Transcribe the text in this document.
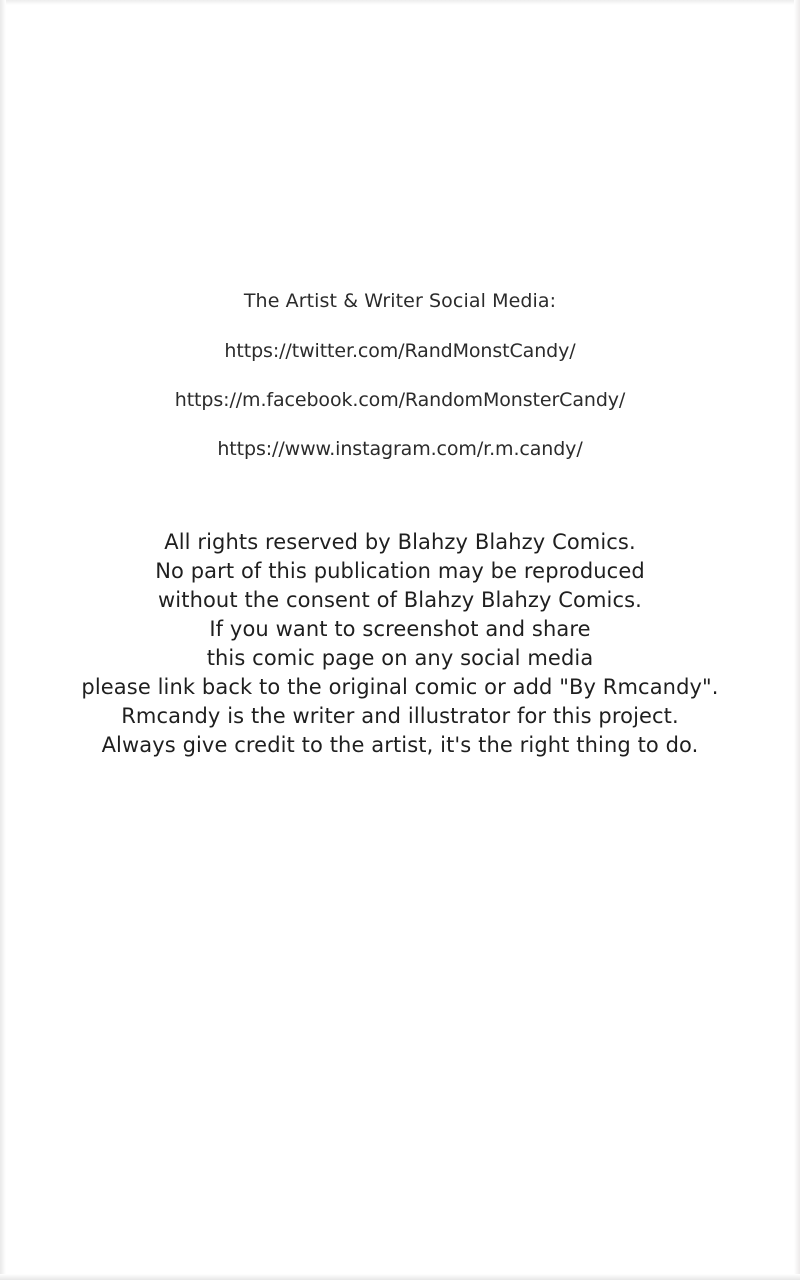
The Artist & Writer Social Media:
https://twitter.com/RandMonstCandy/
https://m.facebook.com/RandomMonsterCandy/
https://www.instagram.com/r.m.candy/
All rights reserved by Blahzy Blahzy Comics.
No part of this publication may be reproduced
without the consent of Blahzy Blahzy Comics.
If you want to screenshot and share
this comic page on any social media
please link back to the original comic or add "By Rmcandy".
Rmcandy is the writer and illustrator for this project.
Always give credit to the artist, it's the right thing to do.
